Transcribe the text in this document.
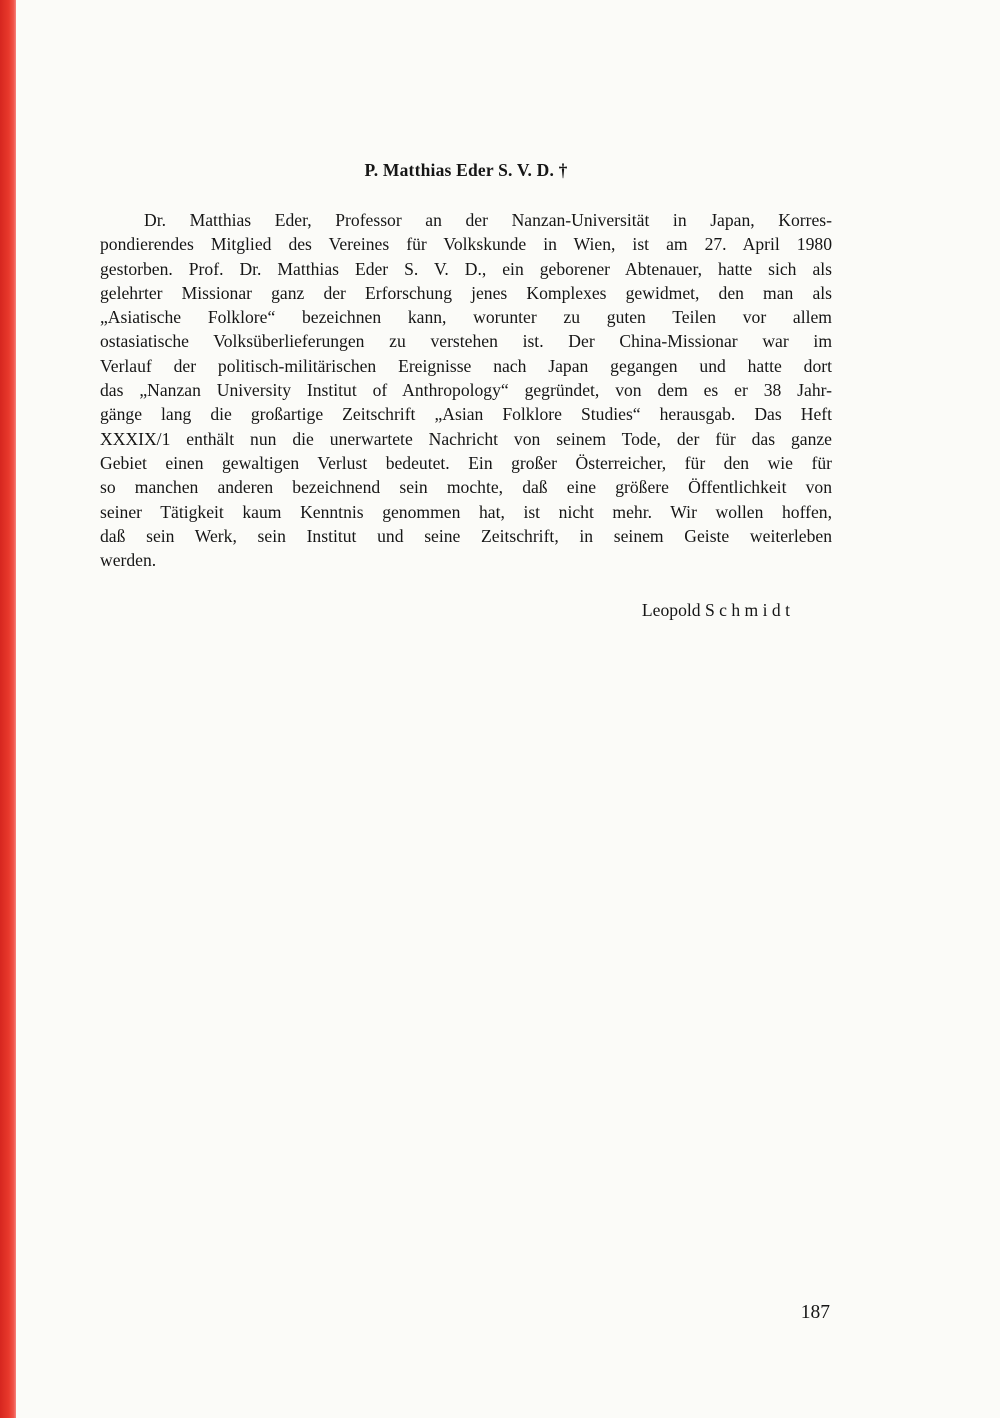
P. Matthias Eder S. V. D. †
Dr. Matthias Eder, Professor an der Nanzan-Universität in Japan, Korres-
pondierendes Mitglied des Vereines für Volkskunde in Wien, ist am 27. April 1980
gestorben. Prof. Dr. Matthias Eder S. V. D., ein geborener Abtenauer, hatte sich als
gelehrter Missionar ganz der Erforschung jenes Komplexes gewidmet, den man als
„Asiatische Folklore“ bezeichnen kann, worunter zu guten Teilen vor allem
ostasiatische Volksüberlieferungen zu verstehen ist. Der China-Missionar war im
Verlauf der politisch-militärischen Ereignisse nach Japan gegangen und hatte dort
das „Nanzan University Institut of Anthropology“ gegründet, von dem es er 38 Jahr-
gänge lang die großartige Zeitschrift „Asian Folklore Studies“ herausgab. Das Heft
XXXIX/1 enthält nun die unerwartete Nachricht von seinem Tode, der für das ganze
Gebiet einen gewaltigen Verlust bedeutet. Ein großer Österreicher, für den wie für
so manchen anderen bezeichnend sein mochte, daß eine größere Öffentlichkeit von
seiner Tätigkeit kaum Kenntnis genommen hat, ist nicht mehr. Wir wollen hoffen,
daß sein Werk, sein Institut und seine Zeitschrift, in seinem Geiste weiterleben
werden.
Leopold S c h m i d t
187
